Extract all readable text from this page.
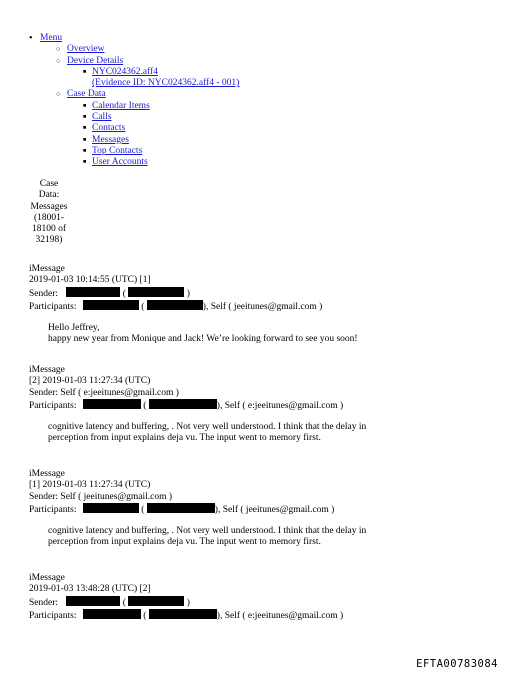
• Menu
○ Overview
○ Device Details
■ NYC024362.aff4
(Evidence ID: NYC024362.aff4 - 001)
○ Case Data
■ Calendar Items
■ Calls
■ Contacts
■ Messages
■ Top Contacts
■ User Accounts
Case
Data:
Messages
(18001-
18100 of
32198)
iMessage
2019-01-03 10:14:55 (UTC) [1]
Sender:	(	)
Participants:	(	), Self ( jeeitunes@gmail.com )
Hello Jeffrey,
happy new year from Monique and Jack! We’re looking forward to see you soon!
iMessage
[2] 2019-01-03 11:27:34 (UTC)
Sender: Self ( e:jeeitunes@gmail.com )
Participants:	(	), Self ( e:jeeitunes@gmail.com )
cognitive latency and buffering, . Not very well understood. I think that the delay in
perception from input explains deja vu. The input went to memory first.
iMessage
[1] 2019-01-03 11:27:34 (UTC)
Sender: Self ( jeeitunes@gmail.com )
Participants:	(	), Self ( jeeitunes@gmail.com )
cognitive latency and buffering, . Not very well understood. I think that the delay in
perception from input explains deja vu. The input went to memory first.
iMessage
2019-01-03 13:48:28 (UTC) [2]
Sender:	(	)
Participants:	(	), Self ( e:jeeitunes@gmail.com )
EFTA00783084
